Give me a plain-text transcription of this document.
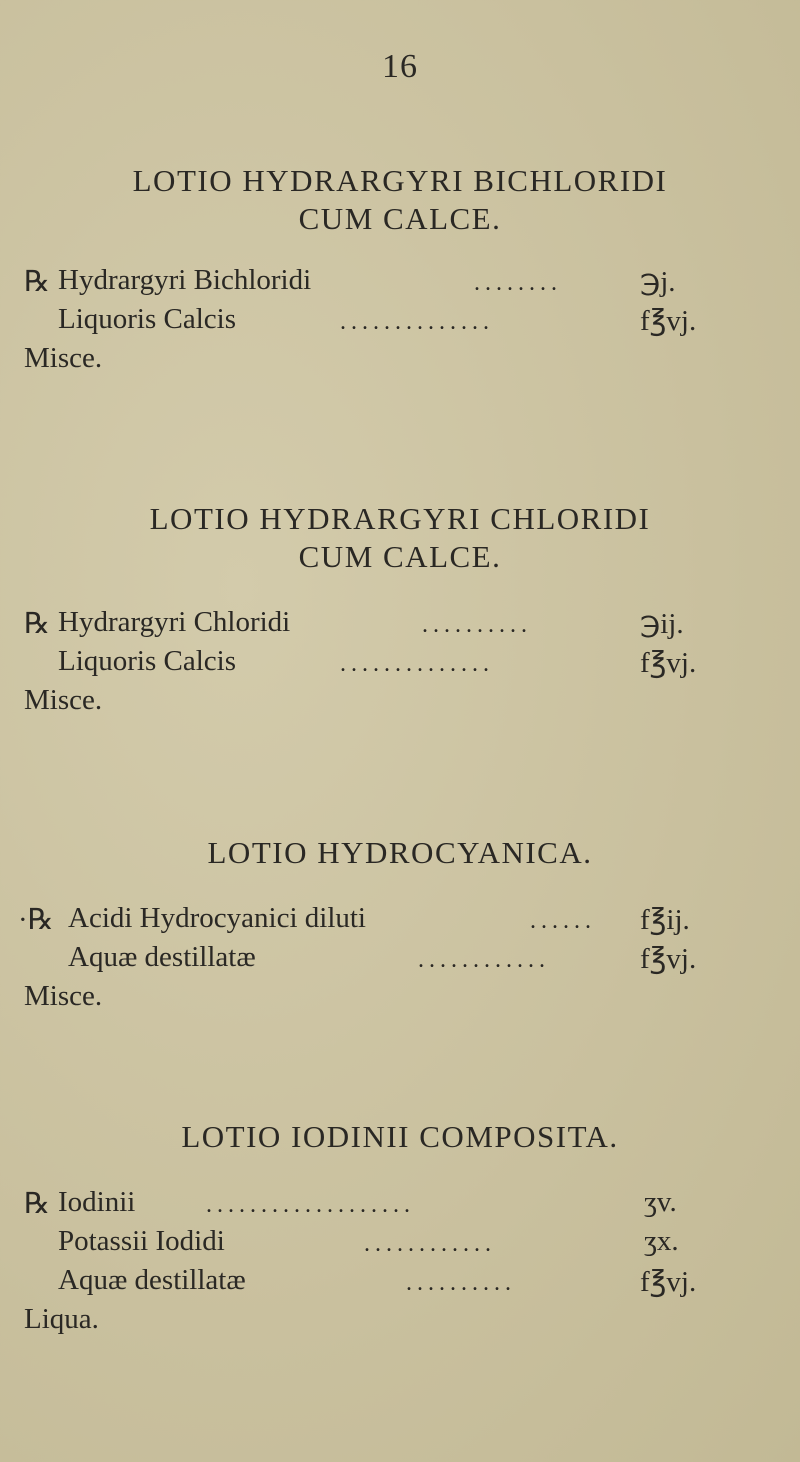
16
LOTIO HYDRARGYRI BICHLORIDI
CUM CALCE.
℞ Hydrargyri Bichloridi	........	℈j.
Liquoris Calcis	..............	f℥vj.
Misce.
LOTIO HYDRARGYRI CHLORIDI
CUM CALCE.
℞ Hydrargyri Chloridi	..........	℈ij.
Liquoris Calcis	..............	f℥vj.
Misce.
LOTIO HYDROCYANICA.
·℞ Acidi Hydrocyanici diluti	......	f℥ij.
Aquæ destillatæ	............	f℥vj.
Misce.
LOTIO IODINII COMPOSITA.
℞ Iodinii	...................	ʒv.
Potassii Iodidi	............	ʒx.
Aquæ destillatæ	..........	f℥vj.
Liqua.
